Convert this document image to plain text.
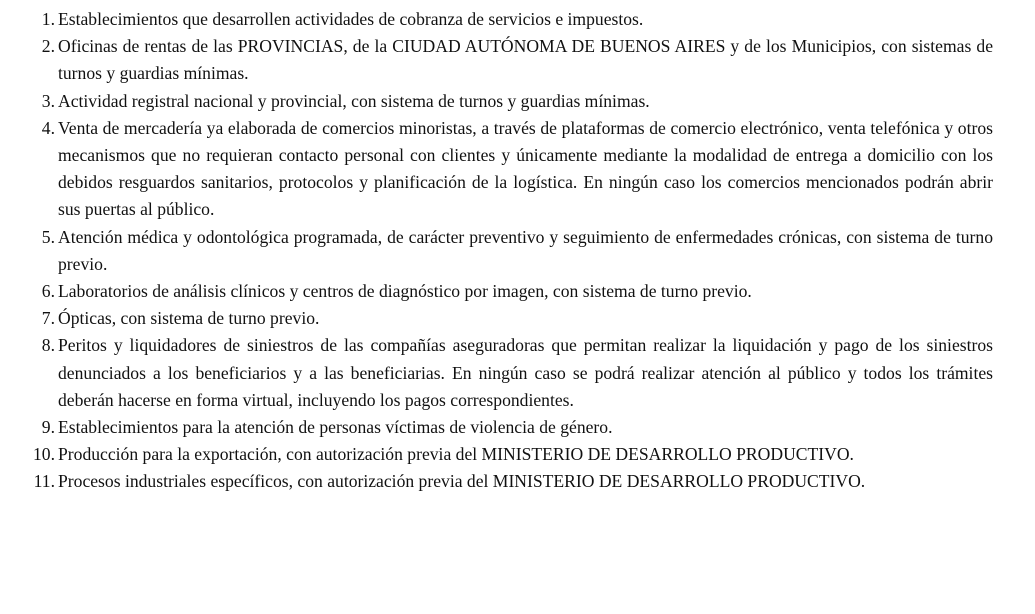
1. Establecimientos que desarrollen actividades de cobranza de servicios e impuestos.
2. Oficinas de rentas de las PROVINCIAS, de la CIUDAD AUTÓNOMA DE BUENOS AIRES y de los Municipios, con sistemas de turnos y guardias mínimas.
3. Actividad registral nacional y provincial, con sistema de turnos y guardias mínimas.
4. Venta de mercadería ya elaborada de comercios minoristas, a través de plataformas de comercio electrónico, venta telefónica y otros mecanismos que no requieran contacto personal con clientes y únicamente mediante la modalidad de entrega a domicilio con los debidos resguardos sanitarios, protocolos y planificación de la logística. En ningún caso los comercios mencionados podrán abrir sus puertas al público.
5. Atención médica y odontológica programada, de carácter preventivo y seguimiento de enfermedades crónicas, con sistema de turno previo.
6. Laboratorios de análisis clínicos y centros de diagnóstico por imagen, con sistema de turno previo.
7. Ópticas, con sistema de turno previo.
8. Peritos y liquidadores de siniestros de las compañías aseguradoras que permitan realizar la liquidación y pago de los siniestros denunciados a los beneficiarios y a las beneficiarias. En ningún caso se podrá realizar atención al público y todos los trámites deberán hacerse en forma virtual, incluyendo los pagos correspondientes.
9. Establecimientos para la atención de personas víctimas de violencia de género.
10. Producción para la exportación, con autorización previa del MINISTERIO DE DESARROLLO PRODUCTIVO.
11. Procesos industriales específicos, con autorización previa del MINISTERIO DE DESARROLLO PRODUCTIVO.
